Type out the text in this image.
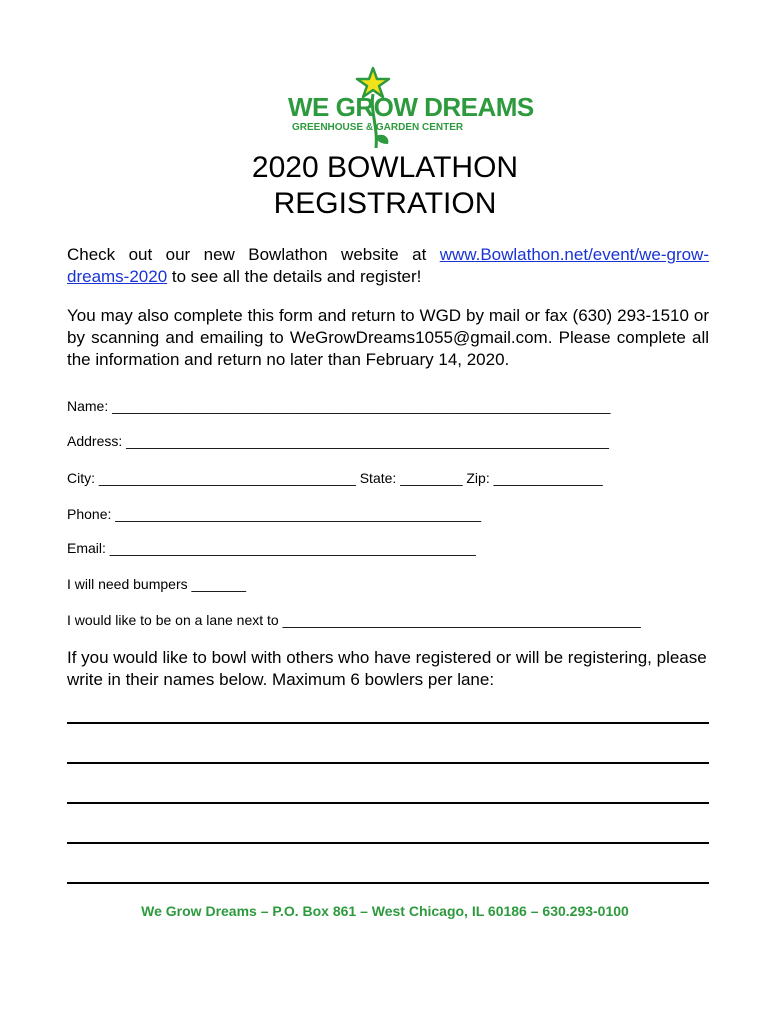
WE GROW DREAMS
GREENHOUSE & GARDEN CENTER
2020 BOWLATHON
REGISTRATION
Check out our new Bowlathon website at www.Bowlathon.net/event/we-grow-dreams-2020 to see all the details and register!
You may also complete this form and return to WGD by mail or fax (630) 293-1510 or by scanning and emailing to WeGrowDreams1055@gmail.com. Please complete all the information and return no later than February 14, 2020.
Name: ________________________________________________________________
Address: ______________________________________________________________
City: _________________________________ State: ________ Zip: ______________
Phone: _______________________________________________
Email: _______________________________________________
I will need bumpers _______
I would like to be on a lane next to ______________________________________________
If you would like to bowl with others who have registered or will be registering, please write in their names below. Maximum 6 bowlers per lane:
We Grow Dreams – P.O. Box 861 – West Chicago, IL 60186 – 630.293-0100
